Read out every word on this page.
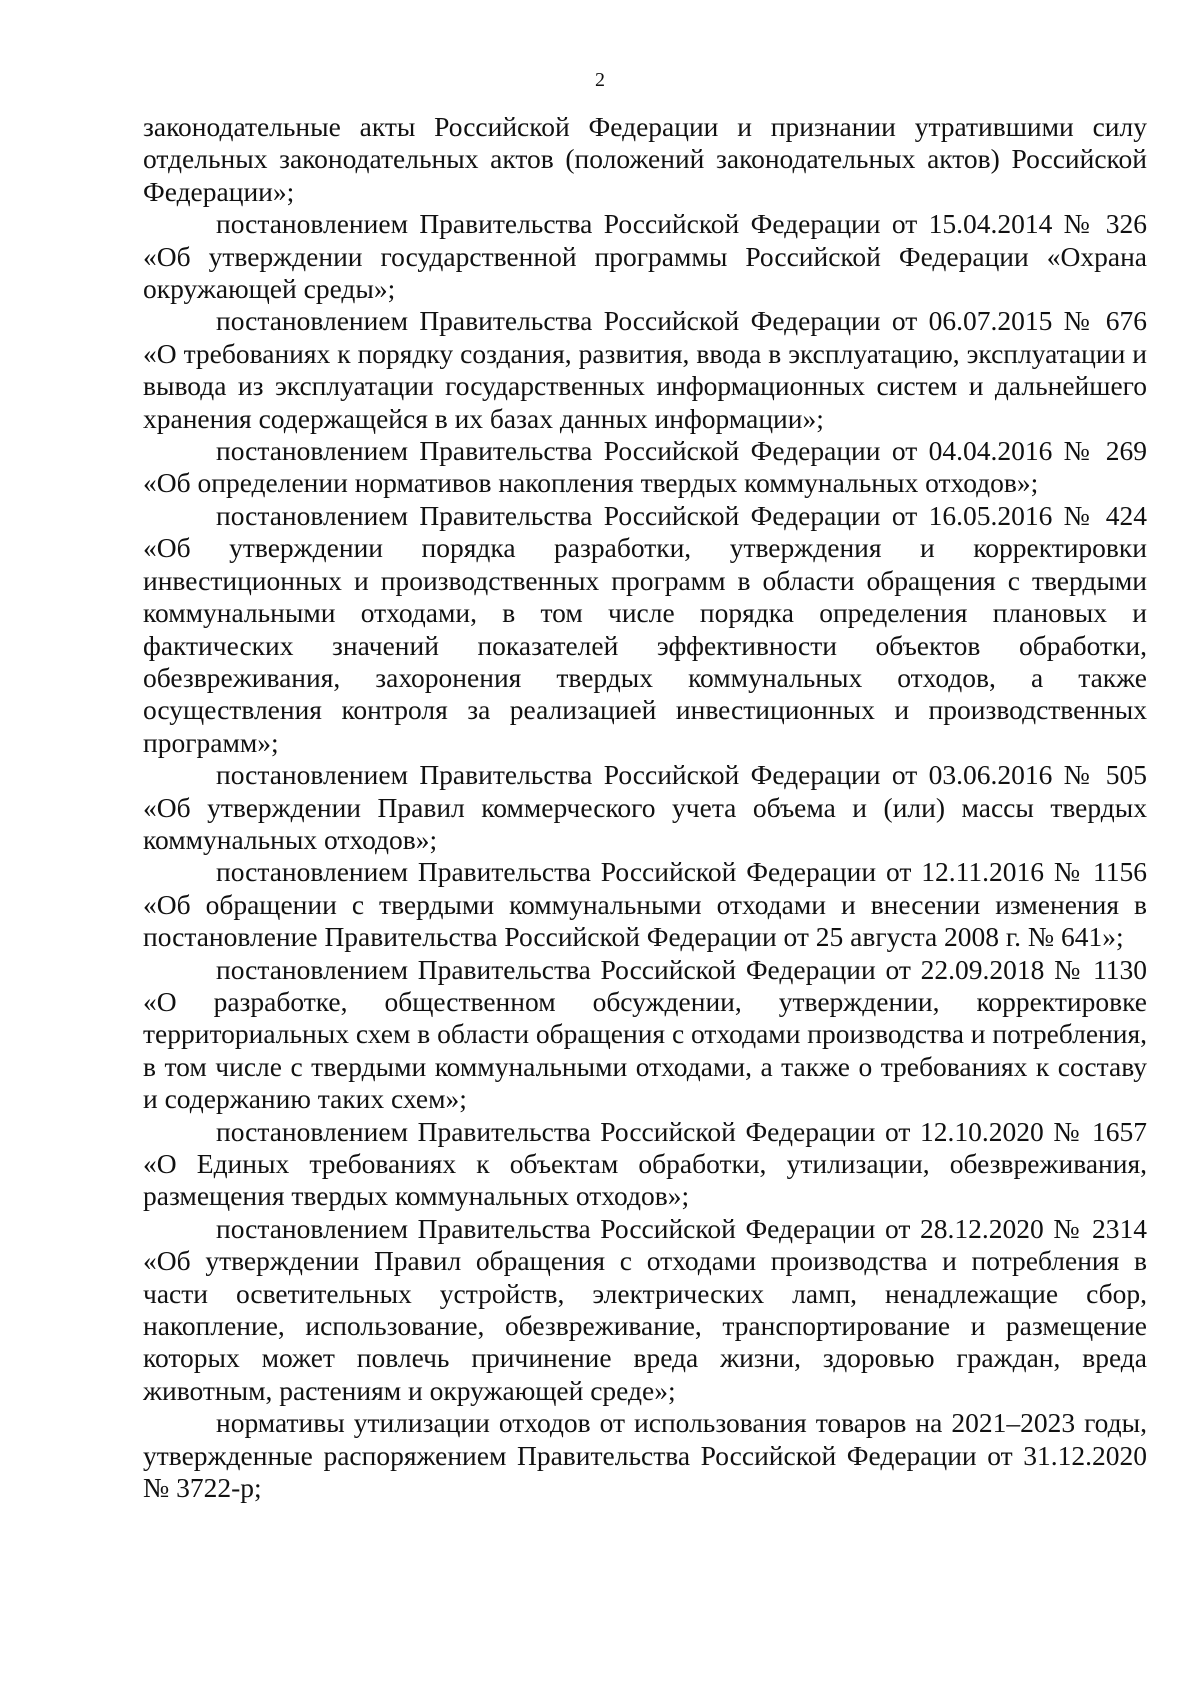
2

законодательные акты Российской Федерации и признании утратившими силу отдельных законодательных актов (положений законодательных актов) Российской Федерации»;

постановлением Правительства Российской Федерации от 15.04.2014 № 326 «Об утверждении государственной программы Российской Федерации «Охрана окружающей среды»;

постановлением Правительства Российской Федерации от 06.07.2015 № 676 «О требованиях к порядку создания, развития, ввода в эксплуатацию, эксплуатации и вывода из эксплуатации государственных информационных систем и дальнейшего хранения содержащейся в их базах данных информации»;

постановлением Правительства Российской Федерации от 04.04.2016 № 269 «Об определении нормативов накопления твердых коммунальных отходов»;

постановлением Правительства Российской Федерации от 16.05.2016 № 424 «Об утверждении порядка разработки, утверждения и корректировки инвестиционных и производственных программ в области обращения с твердыми коммунальными отходами, в том числе порядка определения плановых и фактических значений показателей эффективности объектов обработки, обезвреживания, захоронения твердых коммунальных отходов, а также осуществления контроля за реализацией инвестиционных и производственных программ»;

постановлением Правительства Российской Федерации от 03.06.2016 № 505 «Об утверждении Правил коммерческого учета объема и (или) массы твердых коммунальных отходов»;

постановлением Правительства Российской Федерации от 12.11.2016 № 1156 «Об обращении с твердыми коммунальными отходами и внесении изменения в постановление Правительства Российской Федерации от 25 августа 2008 г. № 641»;

постановлением Правительства Российской Федерации от 22.09.2018 № 1130 «О разработке, общественном обсуждении, утверждении, корректировке территориальных схем в области обращения с отходами производства и потребления, в том числе с твердыми коммунальными отходами, а также о требованиях к составу и содержанию таких схем»;

постановлением Правительства Российской Федерации от 12.10.2020 № 1657 «О Единых требованиях к объектам обработки, утилизации, обезвреживания, размещения твердых коммунальных отходов»;

постановлением Правительства Российской Федерации от 28.12.2020 № 2314 «Об утверждении Правил обращения с отходами производства и потребления в части осветительных устройств, электрических ламп, ненадлежащие сбор, накопление, использование, обезвреживание, транспортирование и размещение которых может повлечь причинение вреда жизни, здоровью граждан, вреда животным, растениям и окружающей среде»;

нормативы утилизации отходов от использования товаров на 2021–2023 годы, утвержденные распоряжением Правительства Российской Федерации от 31.12.2020 № 3722-р;
